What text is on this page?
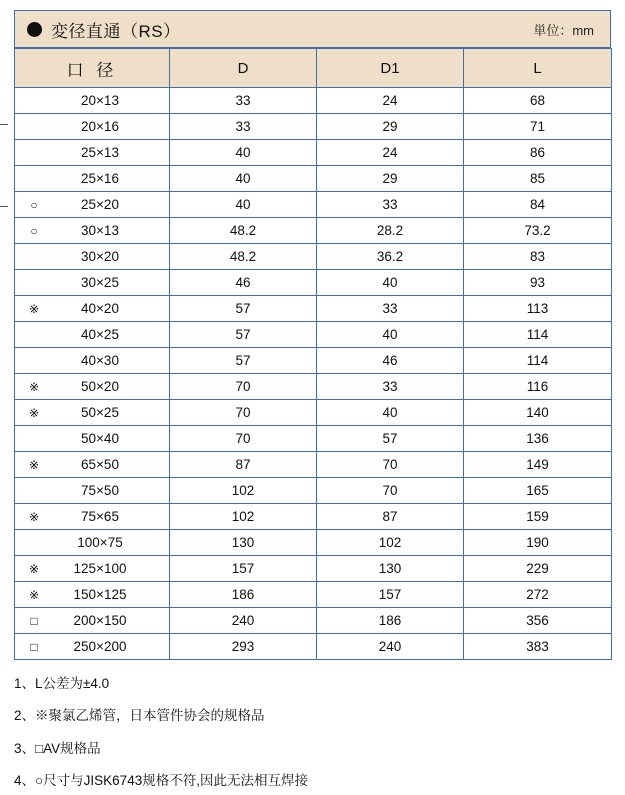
変径直通（RS）	単位：mm
口 径	D	D1	L

20×13	33	24	68

20×16	33	29	71

25×13	40	24	86

25×16	40	29	85

○ 25×20	40	33	84

○ 30×13	48.2	28.2	73.2

30×20	48.2	36.2	83

30×25	46	40	93

※ 40×20	57	33	113

40×25	57	40	114

40×30	57	46	114

※ 50×20	70	33	116

※ 50×25	70	40	140

50×40	70	57	136

※ 65×50	87	70	149

75×50	102	70	165

※ 75×65	102	87	159

100×75	130	102	190

※ 125×100	157	130	229

※ 150×125	186	157	272

□ 200×150	240	186	356

□ 250×200	293	240	383

1、L公差为±4.0

2、※聚氯乙烯管，日本管件协会的规格品

3、□AV规格品

4、○尺寸与JISK6743规格不符,因此无法相互焊接
